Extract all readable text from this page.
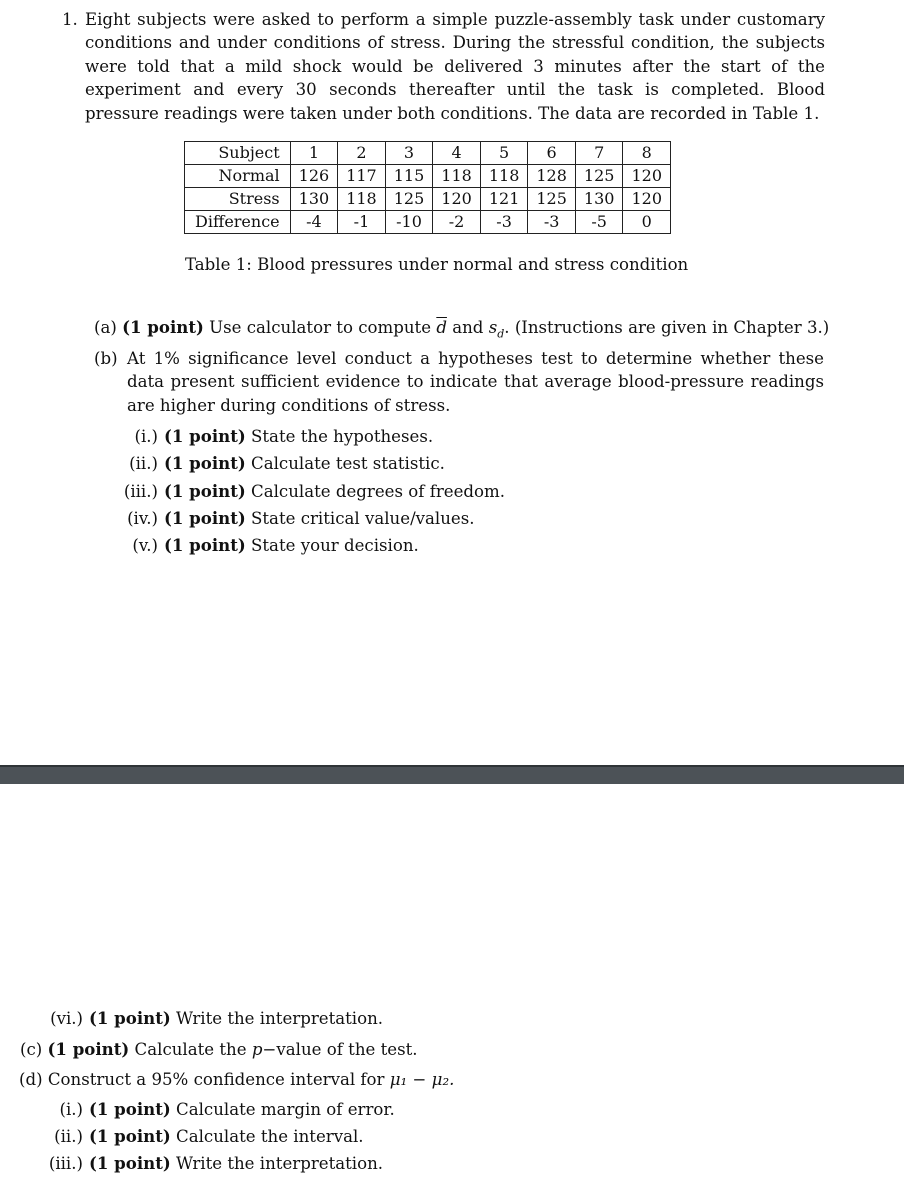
1. Eight subjects were asked to perform a simple puzzle-assembly task under customary conditions and under conditions of stress. During the stressful condition, the subjects were told that a mild shock would be delivered 3 minutes after the start of the experiment and every 30 seconds thereafter until the task is completed. Blood pressure readings were taken under both conditions. The data are recorded in Table 1.
Subject	1	2	3	4	5	6	7	8
Normal	126	117	115	118	118	128	125	120
Stress	130	118	125	120	121	125	130	120
Difference	-4	-1	-10	-2	-3	-3	-5	0
Table 1: Blood pressures under normal and stress condition
(a) (1 point) Use calculator to compute $\overline{d}$ and $s_d$. (Instructions are given in Chapter 3.)
(b) At 1% significance level conduct a hypotheses test to determine whether these data present sufficient evidence to indicate that average blood-pressure readings are higher during conditions of stress.
(i.) (1 point) State the hypotheses.
(ii.) (1 point) Calculate test statistic.
(iii.) (1 point) Calculate degrees of freedom.
(iv.) (1 point) State critical value/values.
(v.) (1 point) State your decision.
(vi.) (1 point) Write the interpretation.
(c) (1 point) Calculate the p−value of the test.
(d) Construct a 95% confidence interval for μ₁ − μ₂.
(i.) (1 point) Calculate margin of error.
(ii.) (1 point) Calculate the interval.
(iii.) (1 point) Write the interpretation.
